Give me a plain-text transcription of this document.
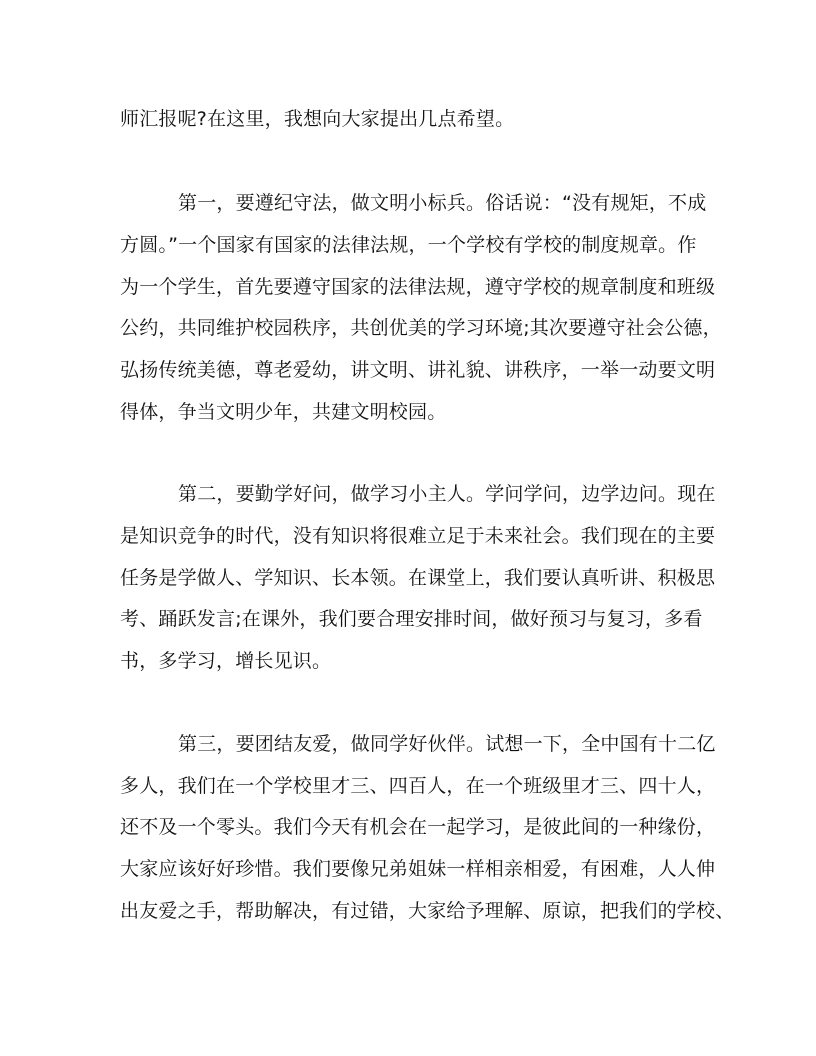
师汇报呢?在这里，我想向大家提出几点希望。
第一，要遵纪守法，做文明小标兵。俗话说：“没有规矩，不成
方圆。”一个国家有国家的法律法规，一个学校有学校的制度规章。作
为一个学生，首先要遵守国家的法律法规，遵守学校的规章制度和班级
公约，共同维护校园秩序，共创优美的学习环境;其次要遵守社会公德，
弘扬传统美德，尊老爱幼，讲文明、讲礼貌、讲秩序，一举一动要文明
得体，争当文明少年，共建文明校园。
第二，要勤学好问，做学习小主人。学问学问，边学边问。现在
是知识竞争的时代，没有知识将很难立足于未来社会。我们现在的主要
任务是学做人、学知识、长本领。在课堂上，我们要认真听讲、积极思
考、踊跃发言;在课外，我们要合理安排时间，做好预习与复习，多看
书，多学习，增长见识。
第三，要团结友爱，做同学好伙伴。试想一下，全中国有十二亿
多人，我们在一个学校里才三、四百人，在一个班级里才三、四十人，
还不及一个零头。我们今天有机会在一起学习，是彼此间的一种缘份，
大家应该好好珍惜。我们要像兄弟姐妹一样相亲相爱，有困难，人人伸
出友爱之手，帮助解决，有过错，大家给予理解、原谅，把我们的学校、
